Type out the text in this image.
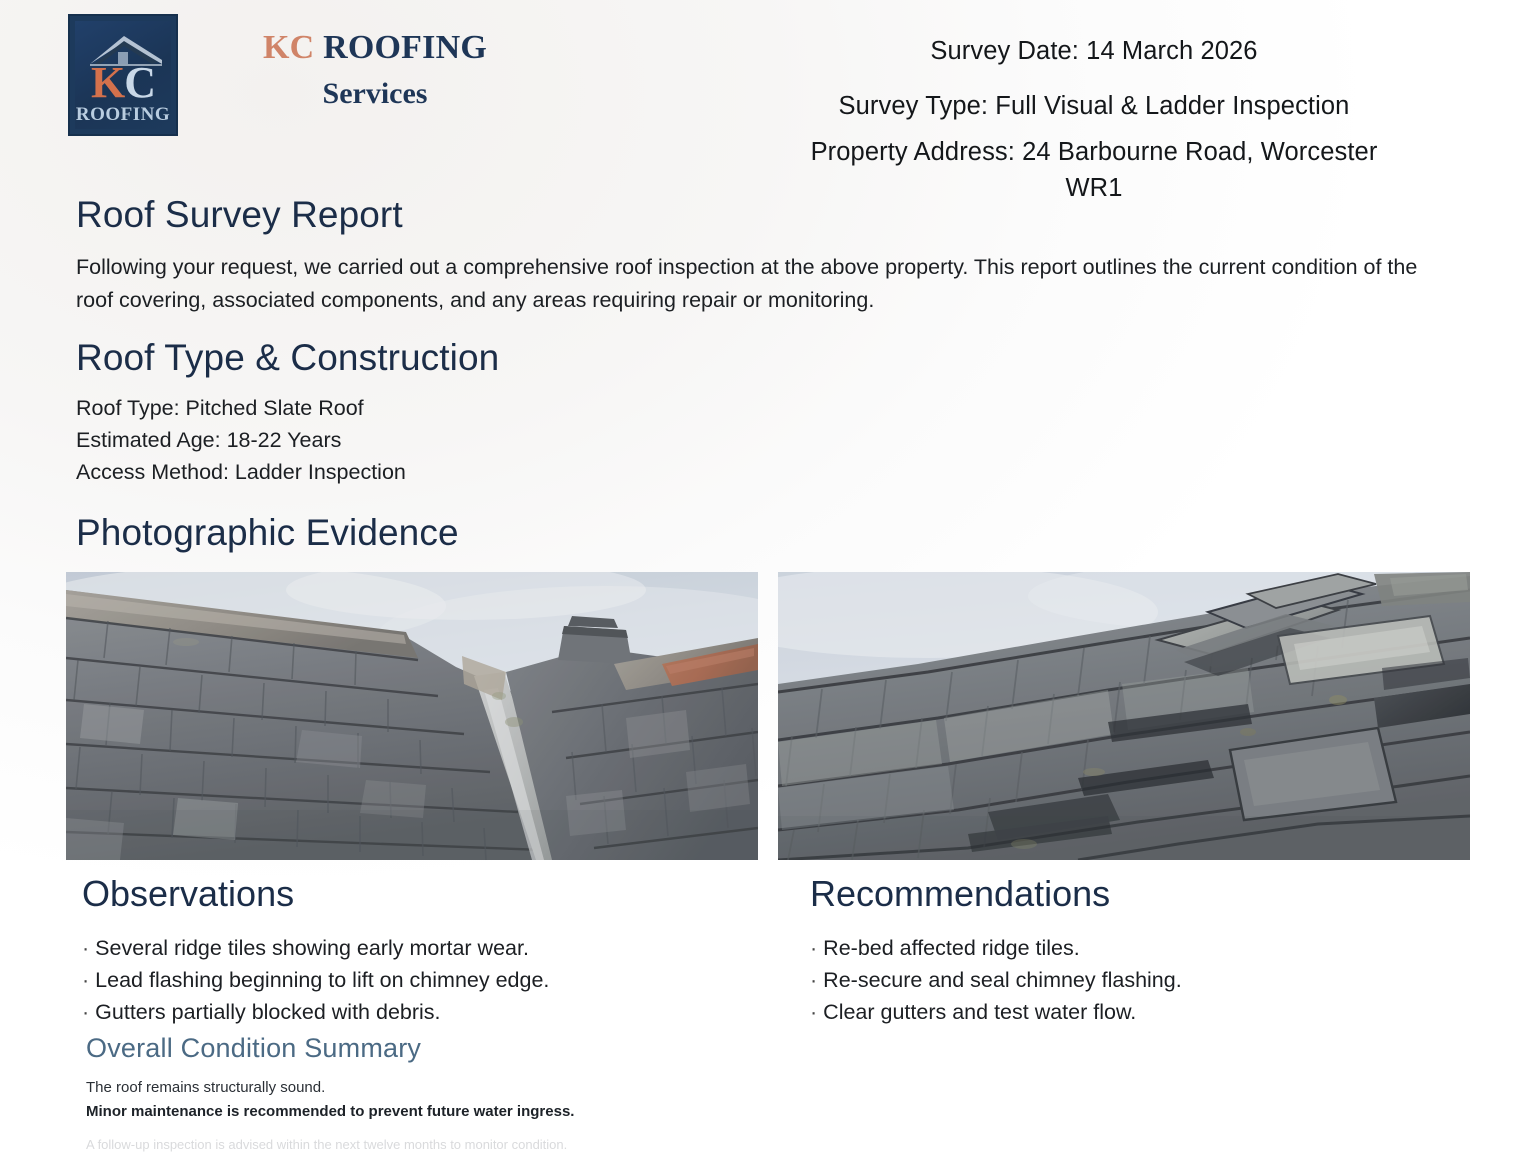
KC
ROOFING
KC ROOFING
Services
Survey Date: 14 March 2026
Survey Type: Full Visual & Ladder Inspection
Property Address: 24 Barbourne Road, Worcester WR1
Roof Survey Report

Following your request, we carried out a comprehensive roof inspection at the above property. This report outlines the current condition of the roof covering, associated components, and any areas requiring repair or monitoring.

Roof Type & Construction
Roof Type: Pitched Slate Roof
Estimated Age: 18-22 Years
Access Method: Ladder Inspection
Photographic Evidence
Observations
· Several ridge tiles showing early mortar wear.
· Lead flashing beginning to lift on chimney edge.
· Gutters partially blocked with debris.
Recommendations
· Re-bed affected ridge tiles.
· Re-secure and seal chimney flashing.
· Clear gutters and test water flow.
Overall Condition Summary
The roof remains structurally sound.
Minor maintenance is recommended to prevent future water ingress.
A follow-up inspection is advised within the next twelve months to monitor condition.
